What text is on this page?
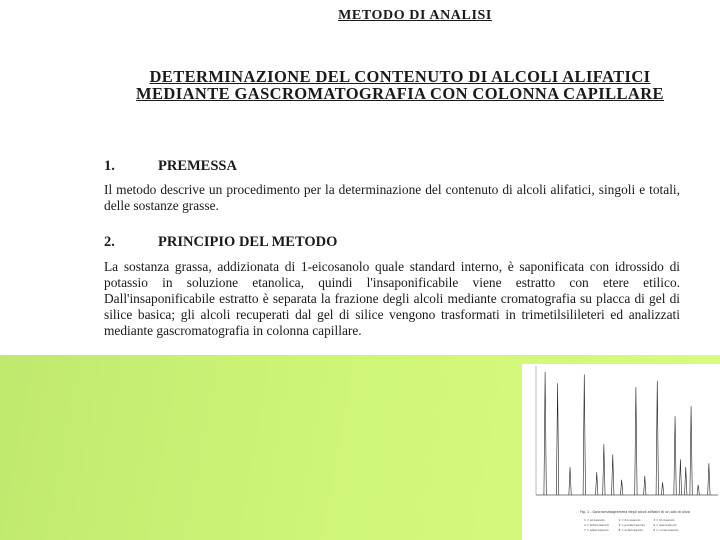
METODO DI ANALISI
DETERMINAZIONE DEL CONTENUTO DI ALCOLI ALIFATICI
MEDIANTE GASCROMATOGRAFIA CON COLONNA CAPILLARE
1.	PREMESSA
Il metodo descrive un procedimento per la determinazione del contenuto di alcoli alifatici, singoli e totali, delle sostanze grasse.
2.	PRINCIPIO DEL METODO
La sostanza grassa, addizionata di 1-eicosanolo quale standard interno, è saponificata con idrossido di potassio in soluzione etanolica, quindi l'insaponificabile viene estratto con etere etilico. Dall'insaponificabile estratto è separata la frazione degli alcoli mediante cromatografia su placca di gel di silice basica; gli alcoli recuperati dal gel di silice vengono trasformati in trimetilsilileteri ed analizzati mediante gascromatografia in colonna capillare.
Fig. 1 - Gascromatogramma degli alcoli alifatici di un olio di oliva
1 = eicosanolo	2 = docosanolo	3 = tricosanolo
4 = tetracosanolo	5 = pentacosanolo	6 = esacosanolo
7 = eptacosanolo	8 = octacosanolo	9 = nonacosanolo
